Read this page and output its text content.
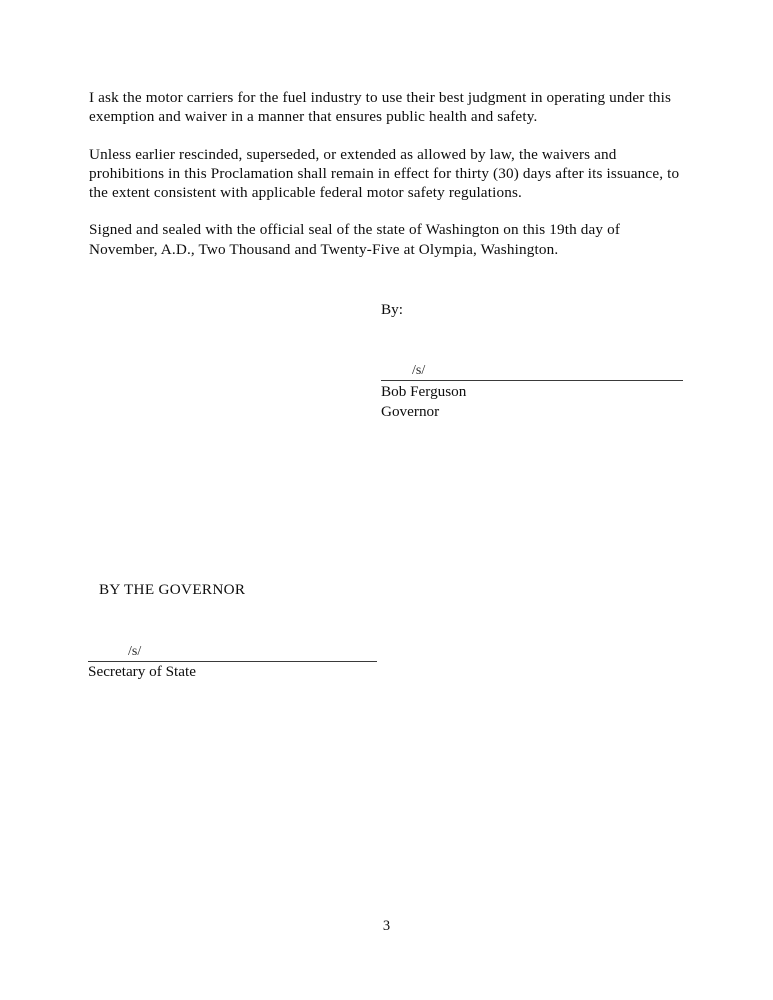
I ask the motor carriers for the fuel industry to use their best judgment in operating under this exemption and waiver in a manner that ensures public health and safety.

Unless earlier rescinded, superseded, or extended as allowed by law, the waivers and prohibitions in this Proclamation shall remain in effect for thirty (30) days after its issuance, to the extent consistent with applicable federal motor safety regulations.

Signed and sealed with the official seal of the state of Washington on this 19th day of November, A.D., Two Thousand and Twenty-Five at Olympia, Washington.

By:

/s/

Bob Ferguson

Governor

BY THE GOVERNOR

/s/

Secretary of State

3
